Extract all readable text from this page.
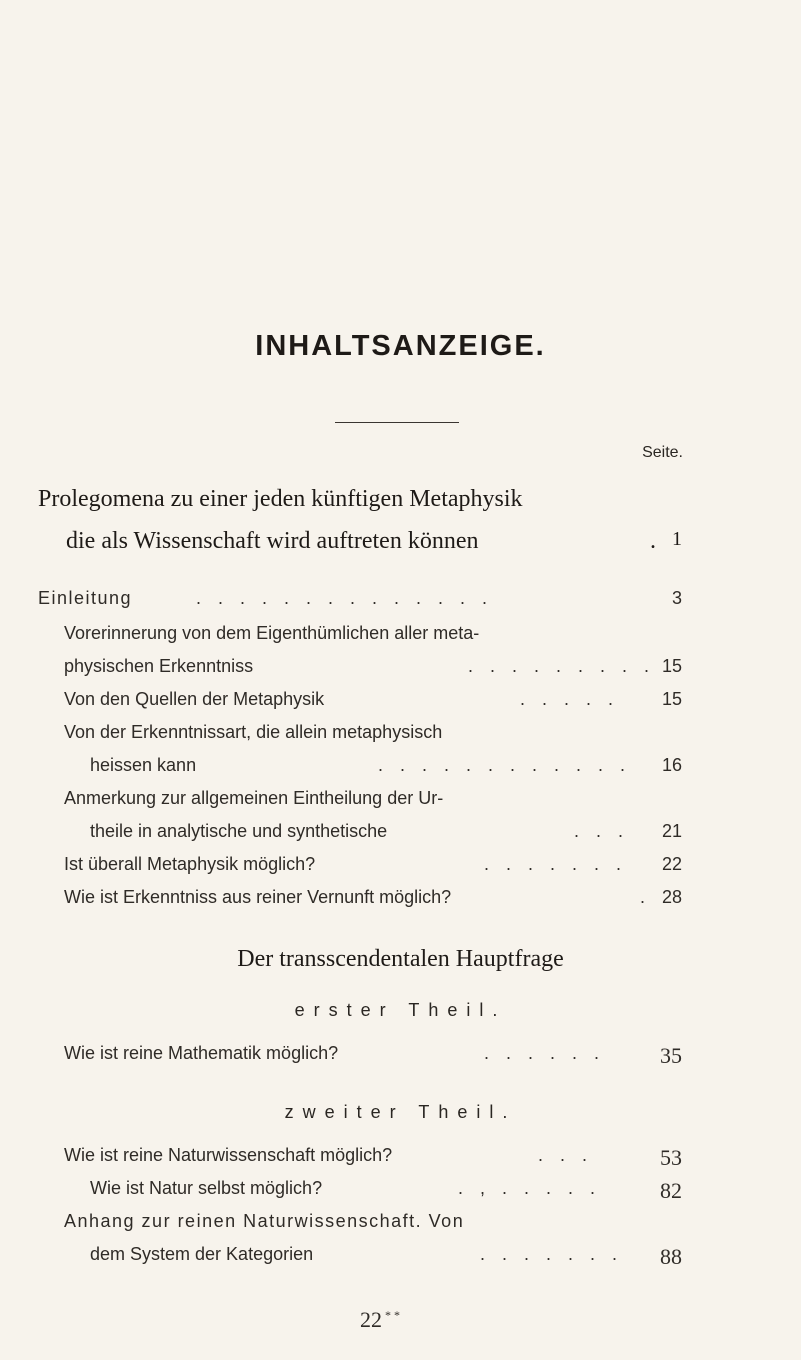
INHALTSANZEIGE.
Seite.
Prolegomena zu einer jeden künftigen Metaphysik
die als Wissenschaft wird auftreten können	. 1
Einleitung	. . . . . . . . . . . . . .	3
Vorerinnerung von dem Eigenthümlichen aller meta-
physischen Erkenntniss	. . . . . . . . . 15
Von den Quellen der Metaphysik	. . . . . 15
Von der Erkenntnissart, die allein metaphysisch
heissen kann	. . . . . . . . . . . . 16
Anmerkung zur allgemeinen Eintheilung der Ur-
theile in analytische und synthetische	. . . 21
Ist überall Metaphysik möglich?	. . . . . . . 22
Wie ist Erkenntniss aus reiner Vernunft möglich?	. 28
Der transscendentalen Hauptfrage
erster Theil.
Wie ist reine Mathematik möglich?	. . . . . . 35
zweiter Theil.
Wie ist reine Naturwissenschaft möglich?	. . .	53
Wie ist Natur selbst möglich?	. , . . . . .	82
Anhang zur reinen Naturwissenschaft. Von
dem System der Kategorien	. . . . . . . 88
22 * *
